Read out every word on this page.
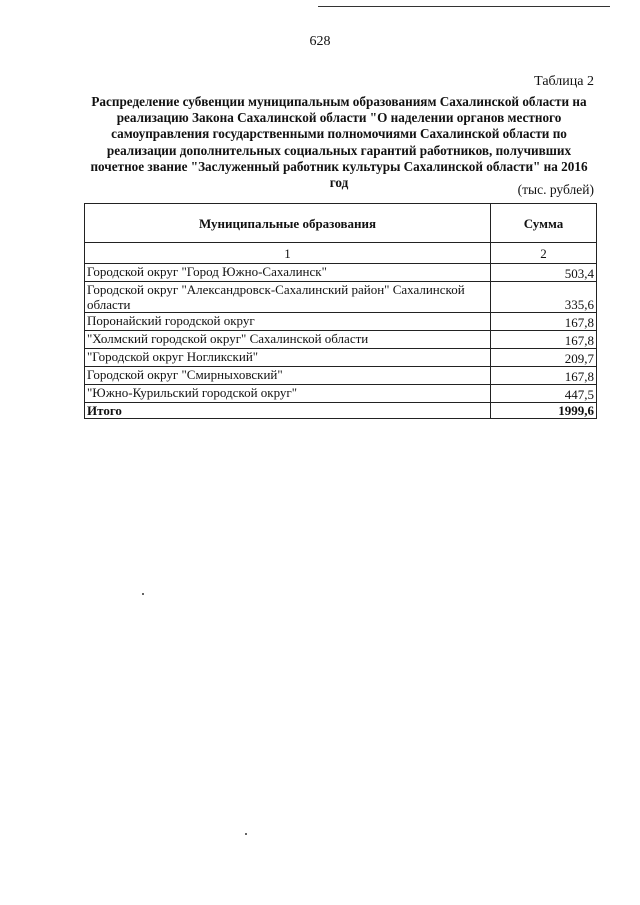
628
Таблица 2
Распределение субвенции муниципальным образованиям Сахалинской области на реализацию Закона Сахалинской области "О наделении органов местного самоуправления государственными полномочиями Сахалинской области по реализации дополнительных социальных гарантий работников, получивших почетное звание "Заслуженный работник культуры Сахалинской области" на 2016 год	(тыс. рублей)
Муниципальные образования	Сумма
1	2
Городской округ "Город Южно-Сахалинск"	503,4
Городской округ "Александровск-Сахалинский район" Сахалинской области	335,6
Поронайский городской округ	167,8
"Холмский городской округ" Сахалинской области	167,8
"Городской округ Ногликский"	209,7
Городской округ "Смирныховский"	167,8
"Южно-Курильский городской округ"	447,5
Итого	1999,6
